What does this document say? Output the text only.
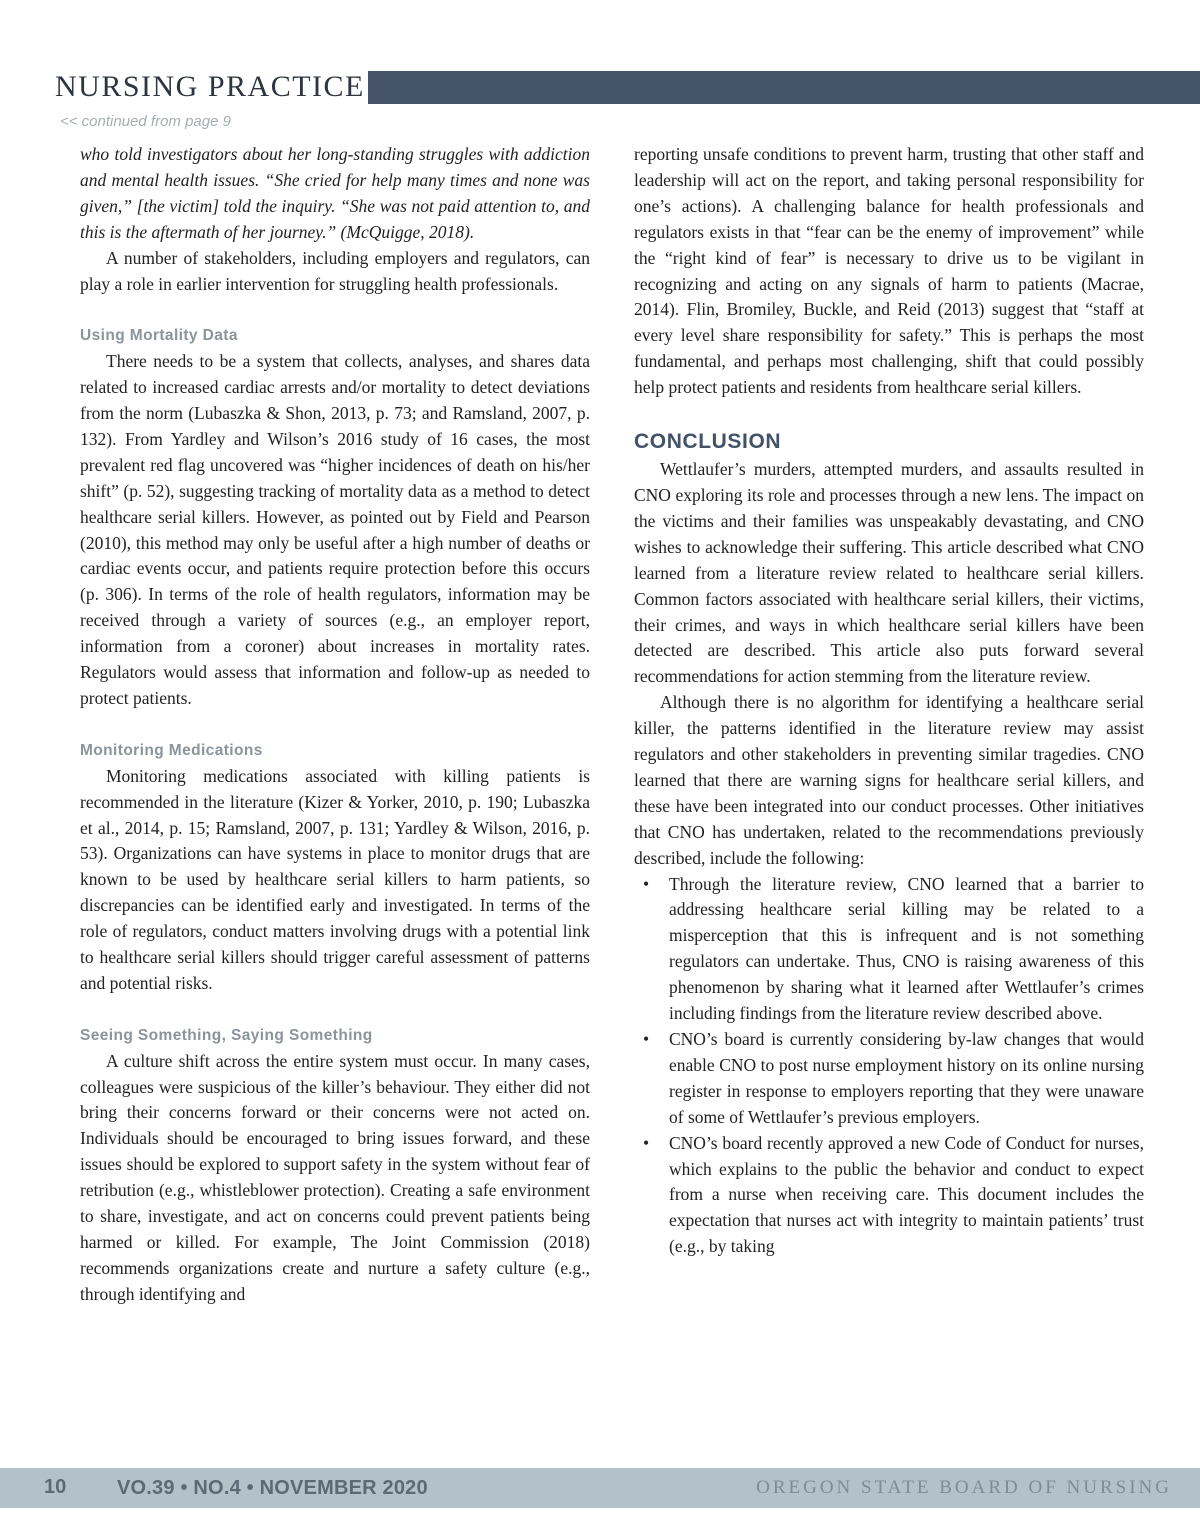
NURSING PRACTICE
<< continued from page 9

who told investigators about her long-standing struggles with addiction and mental health issues. “She cried for help many times and none was given,” [the victim] told the inquiry. “She was not paid attention to, and this is the aftermath of her journey.” (McQuigge, 2018).

A number of stakeholders, including employers and regulators, can play a role in earlier intervention for struggling health professionals.

Using Mortality Data

There needs to be a system that collects, analyses, and shares data related to increased cardiac arrests and/or mortality to detect deviations from the norm (Lubaszka & Shon, 2013, p. 73; and Ramsland, 2007, p. 132). From Yardley and Wilson’s 2016 study of 16 cases, the most prevalent red flag uncovered was “higher incidences of death on his/her shift” (p. 52), suggesting tracking of mortality data as a method to detect healthcare serial killers. However, as pointed out by Field and Pearson (2010), this method may only be useful after a high number of deaths or cardiac events occur, and patients require protection before this occurs (p. 306). In terms of the role of health regulators, information may be received through a variety of sources (e.g., an employer report, information from a coroner) about increases in mortality rates. Regulators would assess that information and follow-up as needed to protect patients.

Monitoring Medications

Monitoring medications associated with killing patients is recommended in the literature (Kizer & Yorker, 2010, p. 190; Lubaszka et al., 2014, p. 15; Ramsland, 2007, p. 131; Yardley & Wilson, 2016, p. 53). Organizations can have systems in place to monitor drugs that are known to be used by healthcare serial killers to harm patients, so discrepancies can be identified early and investigated. In terms of the role of regulators, conduct matters involving drugs with a potential link to healthcare serial killers should trigger careful assessment of patterns and potential risks.

Seeing Something, Saying Something

A culture shift across the entire system must occur. In many cases, colleagues were suspicious of the killer’s behaviour. They either did not bring their concerns forward or their concerns were not acted on. Individuals should be encouraged to bring issues forward, and these issues should be explored to support safety in the system without fear of retribution (e.g., whistleblower protection). Creating a safe environment to share, investigate, and act on concerns could prevent patients being harmed or killed. For example, The Joint Commission (2018) recommends organizations create and nurture a safety culture (e.g., through identifying and

reporting unsafe conditions to prevent harm, trusting that other staff and leadership will act on the report, and taking personal responsibility for one’s actions). A challenging balance for health professionals and regulators exists in that “fear can be the enemy of improvement” while the “right kind of fear” is necessary to drive us to be vigilant in recognizing and acting on any signals of harm to patients (Macrae, 2014). Flin, Bromiley, Buckle, and Reid (2013) suggest that “staff at every level share responsibility for safety.” This is perhaps the most fundamental, and perhaps most challenging, shift that could possibly help protect patients and residents from healthcare serial killers.

CONCLUSION

Wettlaufer’s murders, attempted murders, and assaults resulted in CNO exploring its role and processes through a new lens. The impact on the victims and their families was unspeakably devastating, and CNO wishes to acknowledge their suffering. This article described what CNO learned from a literature review related to healthcare serial killers. Common factors associated with healthcare serial killers, their victims, their crimes, and ways in which healthcare serial killers have been detected are described. This article also puts forward several recommendations for action stemming from the literature review.

Although there is no algorithm for identifying a healthcare serial killer, the patterns identified in the literature review may assist regulators and other stakeholders in preventing similar tragedies. CNO learned that there are warning signs for healthcare serial killers, and these have been integrated into our conduct processes. Other initiatives that CNO has undertaken, related to the recommendations previously described, include the following:

• Through the literature review, CNO learned that a barrier to addressing healthcare serial killing may be related to a misperception that this is infrequent and is not something regulators can undertake. Thus, CNO is raising awareness of this phenomenon by sharing what it learned after Wettlaufer’s crimes including findings from the literature review described above.
• CNO’s board is currently considering by-law changes that would enable CNO to post nurse employment history on its online nursing register in response to employers reporting that they were unaware of some of Wettlaufer’s previous employers.
• CNO’s board recently approved a new Code of Conduct for nurses, which explains to the public the behavior and conduct to expect from a nurse when receiving care. This document includes the expectation that nurses act with integrity to maintain patients’ trust (e.g., by taking
10	VO.39 • NO.4 • NOVEMBER 2020	OREGON STATE BOARD OF NURSING
